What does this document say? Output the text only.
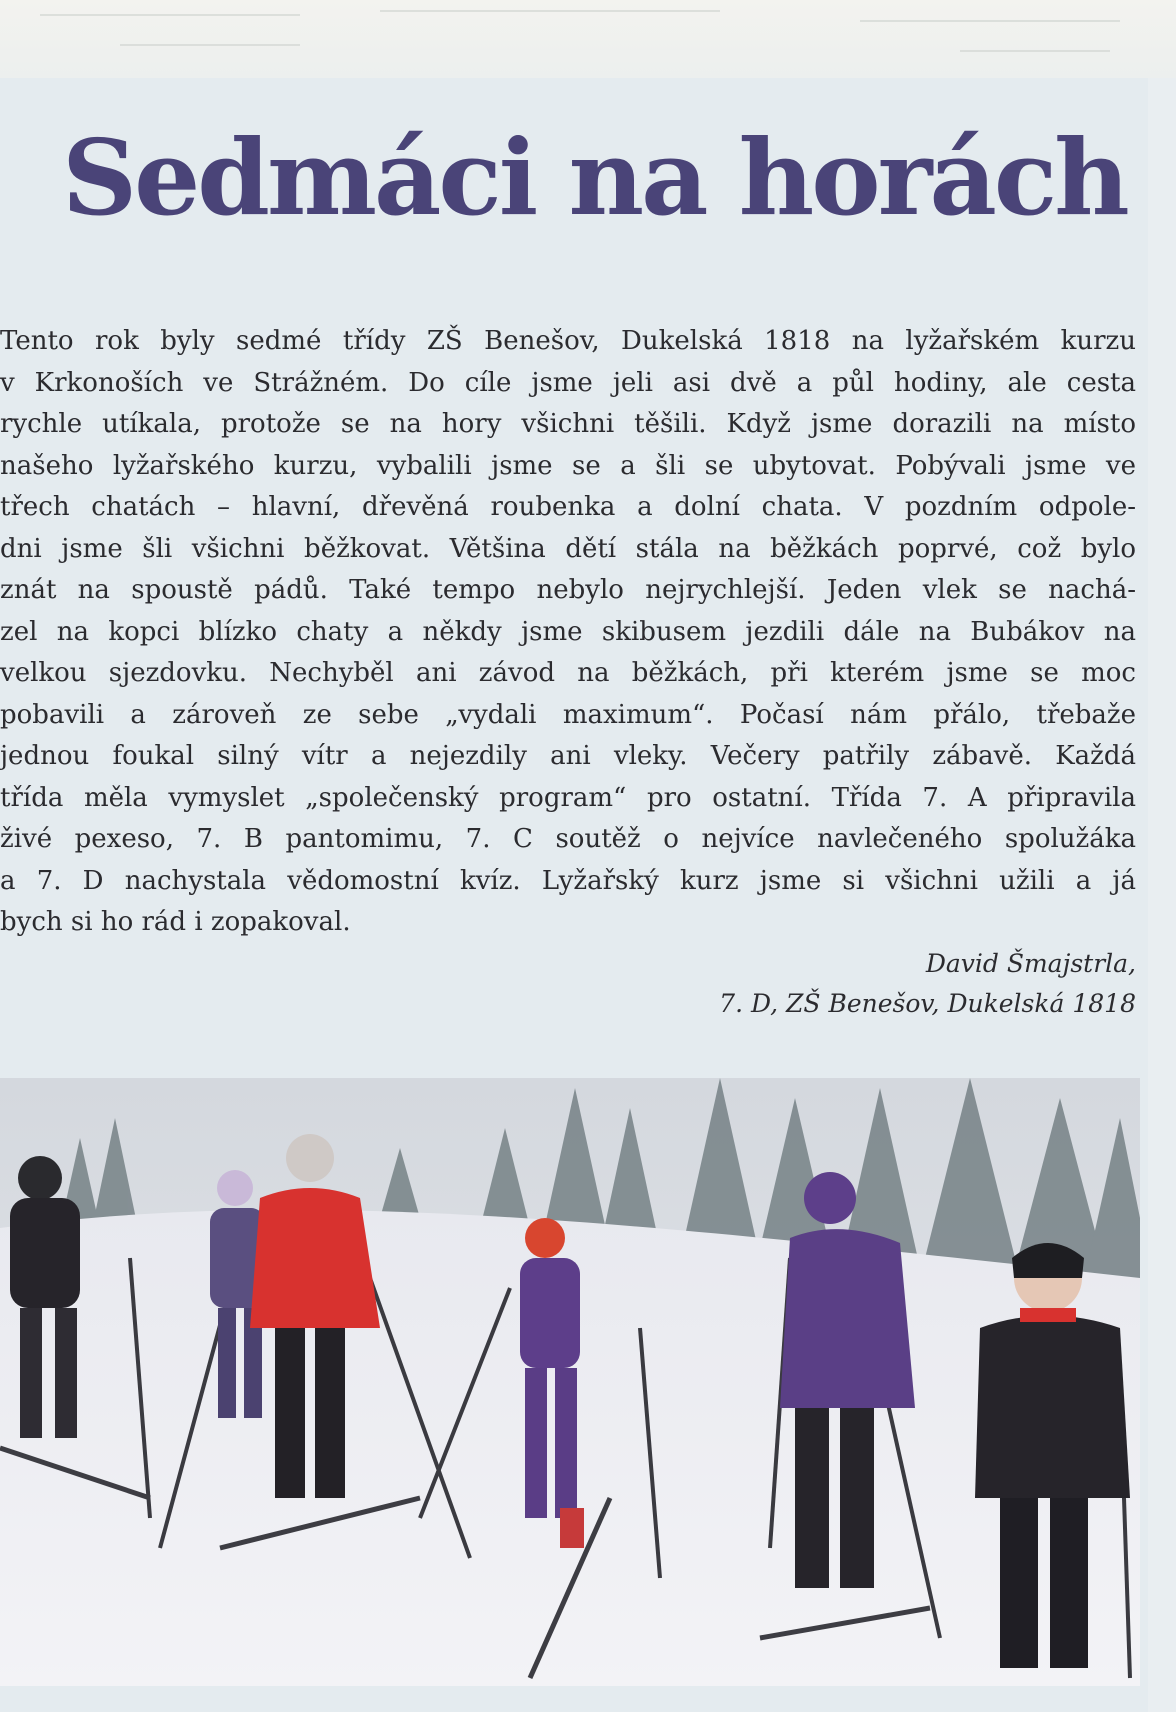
Sedmáci na horách
Tento rok byly sedmé třídy ZŠ Benešov, Dukelská 1818 na lyžařském kurzu
v Krkonoších ve Strážném. Do cíle jsme jeli asi dvě a půl hodiny, ale cesta
rychle utíkala, protože se na hory všichni těšili. Když jsme dorazili na místo
našeho lyžařského kurzu, vybalili jsme se a šli se ubytovat. Pobývali jsme ve
třech chatách – hlavní, dřevěná roubenka a dolní chata. V pozdním odpole-
dni jsme šli všichni běžkovat. Většina dětí stála na běžkách poprvé, což bylo
znát na spoustě pádů. Také tempo nebylo nejrychlejší. Jeden vlek se nachá-
zel na kopci blízko chaty a někdy jsme skibusem jezdili dále na Bubákov na
velkou sjezdovku. Nechyběl ani závod na běžkách, při kterém jsme se moc
pobavili a zároveň ze sebe „vydali maximum“. Počasí nám přálo, třebaže
jednou foukal silný vítr a nejezdily ani vleky. Večery patřily zábavě. Každá
třída měla vymyslet „společenský program“ pro ostatní. Třída 7. A připravila
živé pexeso, 7. B pantomimu, 7. C soutěž o nejvíce navlečeného spolužáka
a 7. D nachystala vědomostní kvíz. Lyžařský kurz jsme si všichni užili a já
bych si ho rád i zopakoval.
David Šmajstrla,
7. D, ZŠ Benešov, Dukelská 1818
